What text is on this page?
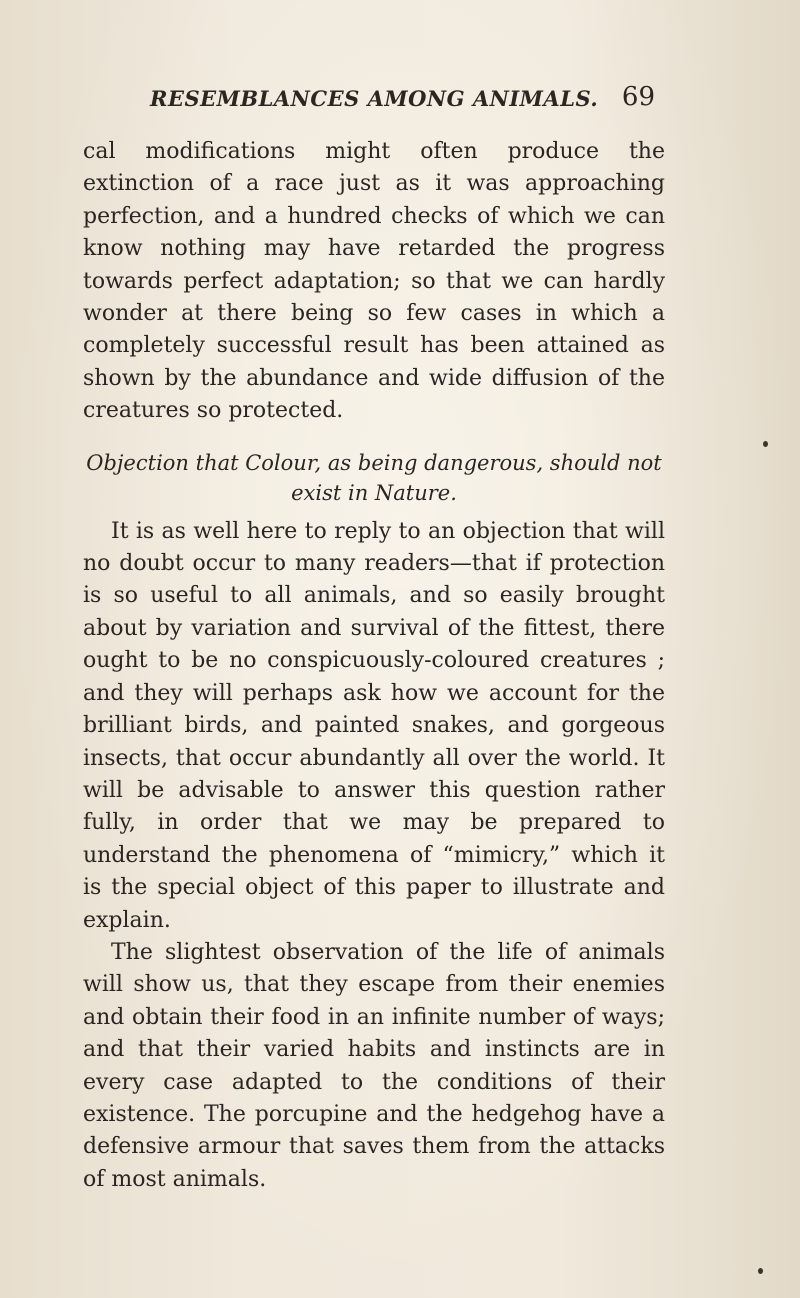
RESEMBLANCES AMONG ANIMALS. 69

cal modifications might often produce the extinction of a race just as it was approaching perfection, and a hundred checks of which we can know nothing may have retarded the progress towards perfect adaptation; so that we can hardly wonder at there being so few cases in which a completely successful result has been attained as shown by the abundance and wide diffusion of the creatures so protected.

Objection that Colour, as being dangerous, should not exist in Nature.

It is as well here to reply to an objection that will no doubt occur to many readers—that if protection is so useful to all animals, and so easily brought about by variation and survival of the fittest, there ought to be no conspicuously-coloured creatures ; and they will perhaps ask how we account for the brilliant birds, and painted snakes, and gorgeous insects, that occur abundantly all over the world. It will be advisable to answer this question rather fully, in order that we may be prepared to understand the phenomena of “mimicry,” which it is the special object of this paper to illustrate and explain.

The slightest observation of the life of animals will show us, that they escape from their enemies and obtain their food in an infinite number of ways; and that their varied habits and instincts are in every case adapted to the conditions of their existence. The porcupine and the hedgehog have a defensive armour that saves them from the attacks of most animals.
